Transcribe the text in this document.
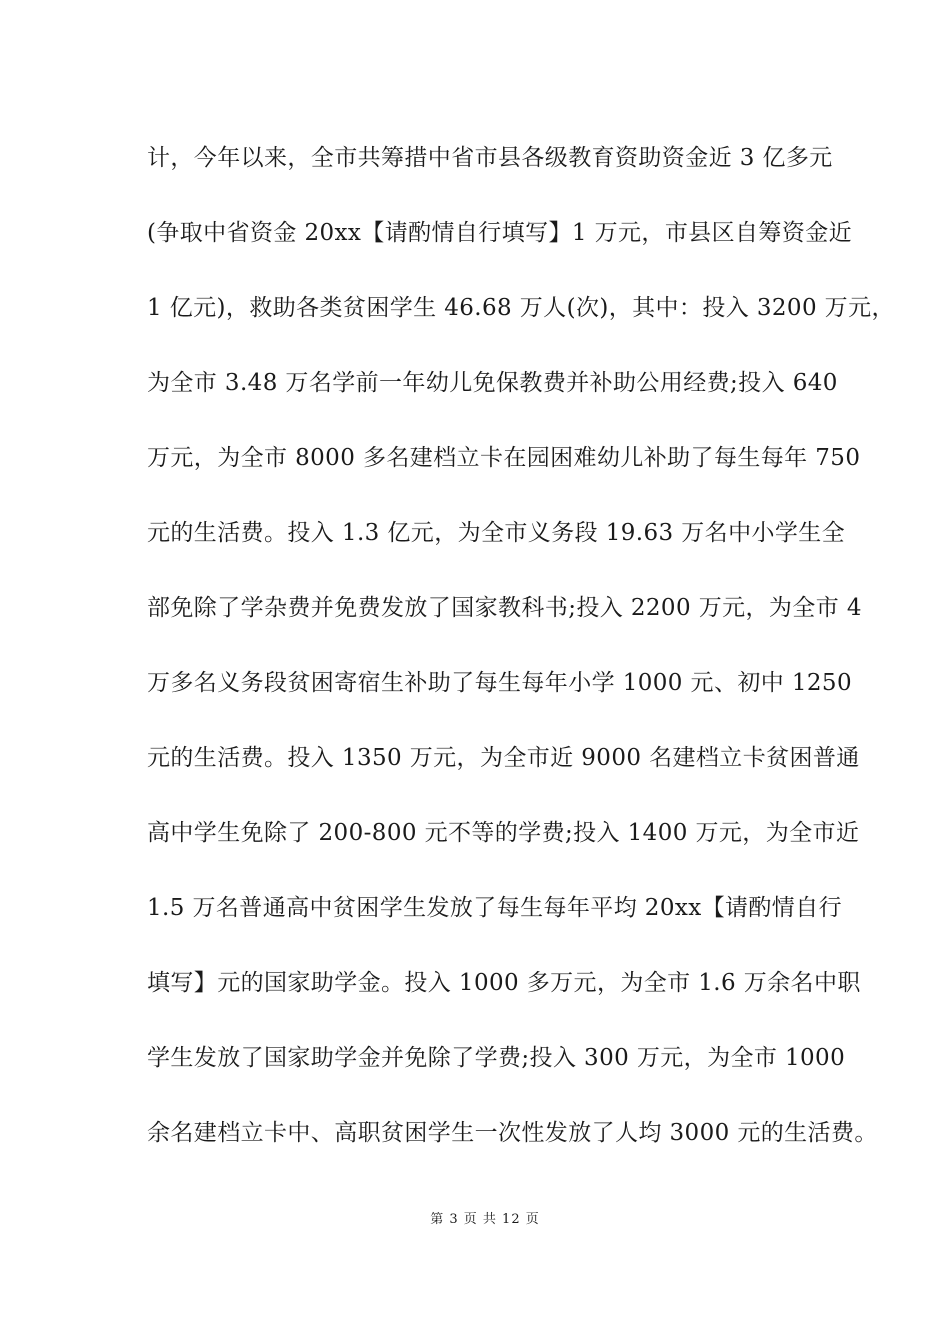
计，今年以来，全市共筹措中省市县各级教育资助资金近 3 亿多元
(争取中省资金 20xx【请酌情自行填写】1 万元，市县区自筹资金近
1 亿元)，救助各类贫困学生 46.68 万人(次)，其中：投入 3200 万元，
为全市 3.48 万名学前一年幼儿免保教费并补助公用经费;投入 640
万元，为全市 8000 多名建档立卡在园困难幼儿补助了每生每年 750
元的生活费。投入 1.3 亿元，为全市义务段 19.63 万名中小学生全
部免除了学杂费并免费发放了国家教科书;投入 2200 万元，为全市 4
万多名义务段贫困寄宿生补助了每生每年小学 1000 元、初中 1250
元的生活费。投入 1350 万元，为全市近 9000 名建档立卡贫困普通
高中学生免除了 200-800 元不等的学费;投入 1400 万元，为全市近
1.5 万名普通高中贫困学生发放了每生每年平均 20xx【请酌情自行
填写】元的国家助学金。投入 1000 多万元，为全市 1.6 万余名中职
学生发放了国家助学金并免除了学费;投入 300 万元，为全市 1000
余名建档立卡中、高职贫困学生一次性发放了人均 3000 元的生活费。
第 3 页 共 12 页
